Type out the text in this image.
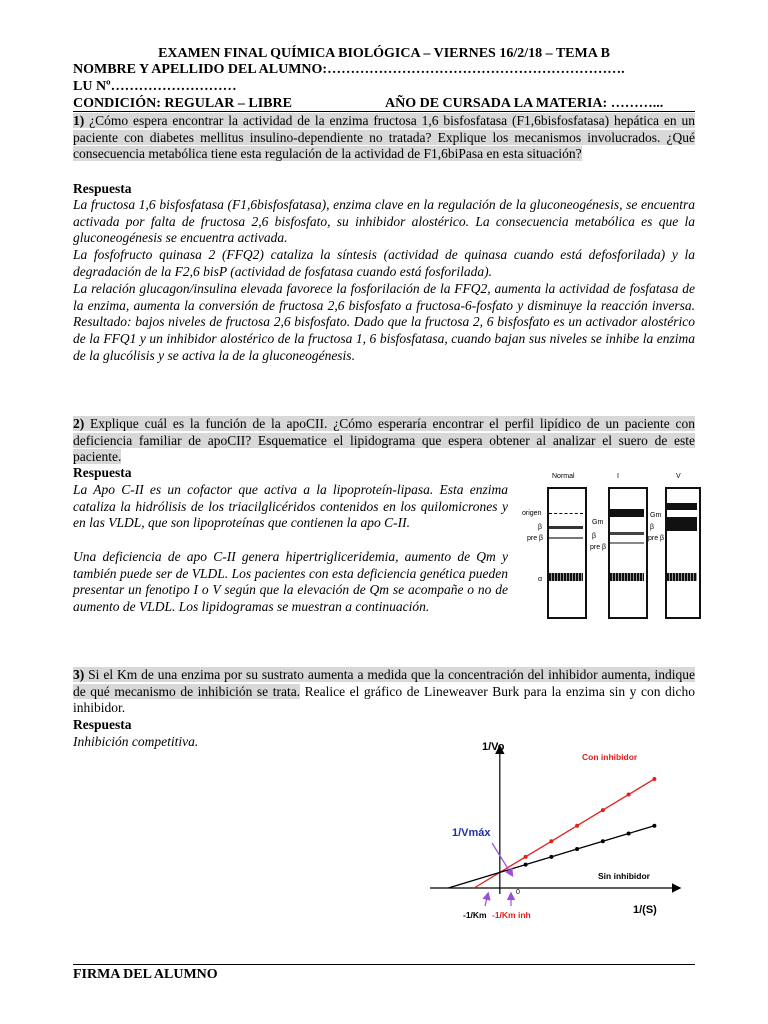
EXAMEN FINAL QUÍMICA BIOLÓGICA – VIERNES 16/2/18 – TEMA B
NOMBRE Y APELLIDO DEL ALUMNO:……………………………………………………….
LU Nº………………………
CONDICIÓN: REGULAR – LIBRE	AÑO DE CURSADA LA MATERIA: ………...
1) ¿Cómo espera encontrar la actividad de la enzima fructosa 1,6 bisfosfatasa (F1,6bisfosfatasa) hepática en un paciente con diabetes mellitus insulino-dependiente no tratada? Explique los mecanismos involucrados. ¿Qué consecuencia metabólica tiene esta regulación de la actividad de F1,6biPasa en esta situación?
Respuesta
La fructosa 1,6 bisfosfatasa (F1,6bisfosfatasa), enzima clave en la regulación de la gluconeogénesis, se encuentra activada por falta de fructosa 2,6 bisfosfato, su inhibidor alostérico. La consecuencia metabólica es que la gluconeogénesis se encuentra activada.
La fosfofructo quinasa 2 (FFQ2) cataliza la síntesis (actividad de quinasa cuando está defosforilada) y la degradación de la F2,6 bisP (actividad de fosfatasa cuando está fosforilada).
La relación glucagon/insulina elevada favorece la fosforilación de la FFQ2, aumenta la actividad de fosfatasa de la enzima, aumenta la conversión de fructosa 2,6 bisfosfato a fructosa-6-fosfato y disminuye la reacción inversa. Resultado: bajos niveles de fructosa 2,6 bisfosfato. Dado que la fructosa 2, 6 bisfosfato es un activador alostérico de la FFQ1 y un inhibidor alostérico de la fructosa 1, 6 bisfosfatasa, cuando bajan sus niveles se inhibe la enzima de la glucólisis y se activa la de la gluconeogénesis.
2) Explique cuál es la función de la apoCII. ¿Cómo esperaría encontrar el perfil lipídico de un paciente con deficiencia familiar de apoCII? Esquematice el lipidograma que espera obtener al analizar el suero de este paciente.
Respuesta
La Apo C-II es un cofactor que activa a la lipoproteín-lipasa. Esta enzima cataliza la hidrólisis de los triacilglicéridos contenidos en los quilomicrones y en las VLDL, que son lipoproteínas que contienen la apo C-II.
Una deficiencia de apo C-II genera hipertrigliceridemia, aumento de Qm y también puede ser de VLDL. Los pacientes con esta deficiencia genética pueden presentar un fenotipo I o V según que la elevación de Qm se acompañe o no de aumento de VLDL. Los lipidogramas se muestran a continuación.
Normal	I	V
origen
β
pre β
α
Gm
β
pre β
Gm
β
pre β
3) Si el Km de una enzima por su sustrato aumenta a medida que la concentración del inhibidor aumenta, indique de qué mecanismo de inhibición se trata. Realice el gráfico de Lineweaver Burk para la enzima sin y con dicho inhibidor.
Respuesta
Inhibición competitiva.	1/Vo
1/(S)
1/Vmáx
Con inhibidor
Sin inhibidor
0
-1/Km -1/Km inh
FIRMA DEL ALUMNO
